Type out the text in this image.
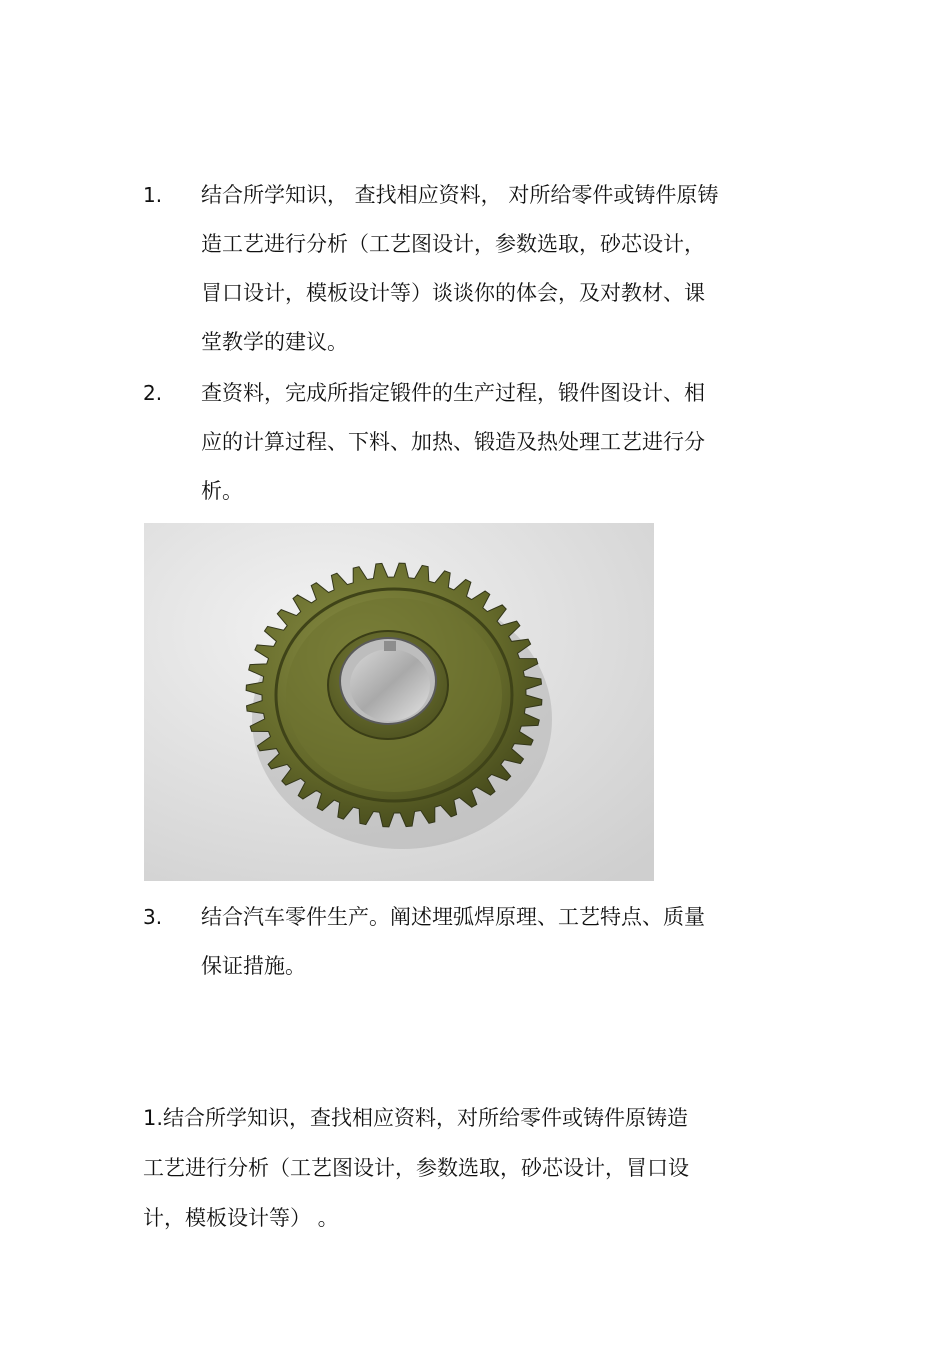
1. 结合所学知识， 查找相应资料， 对所给零件或铸件原铸
造工艺进行分析（工艺图设计，参数选取，砂芯设计，
冒口设计，模板设计等）谈谈你的体会，及对教材、课
堂教学的建议。
2. 查资料，完成所指定锻件的生产过程，锻件图设计、相
应的计算过程、下料、加热、锻造及热处理工艺进行分
析。
3. 结合汽车零件生产。阐述埋弧焊原理、工艺特点、质量
保证措施。
1.结合所学知识，查找相应资料，对所给零件或铸件原铸造
工艺进行分析（工艺图设计，参数选取，砂芯设计，冒口设
计，模板设计等） 。
